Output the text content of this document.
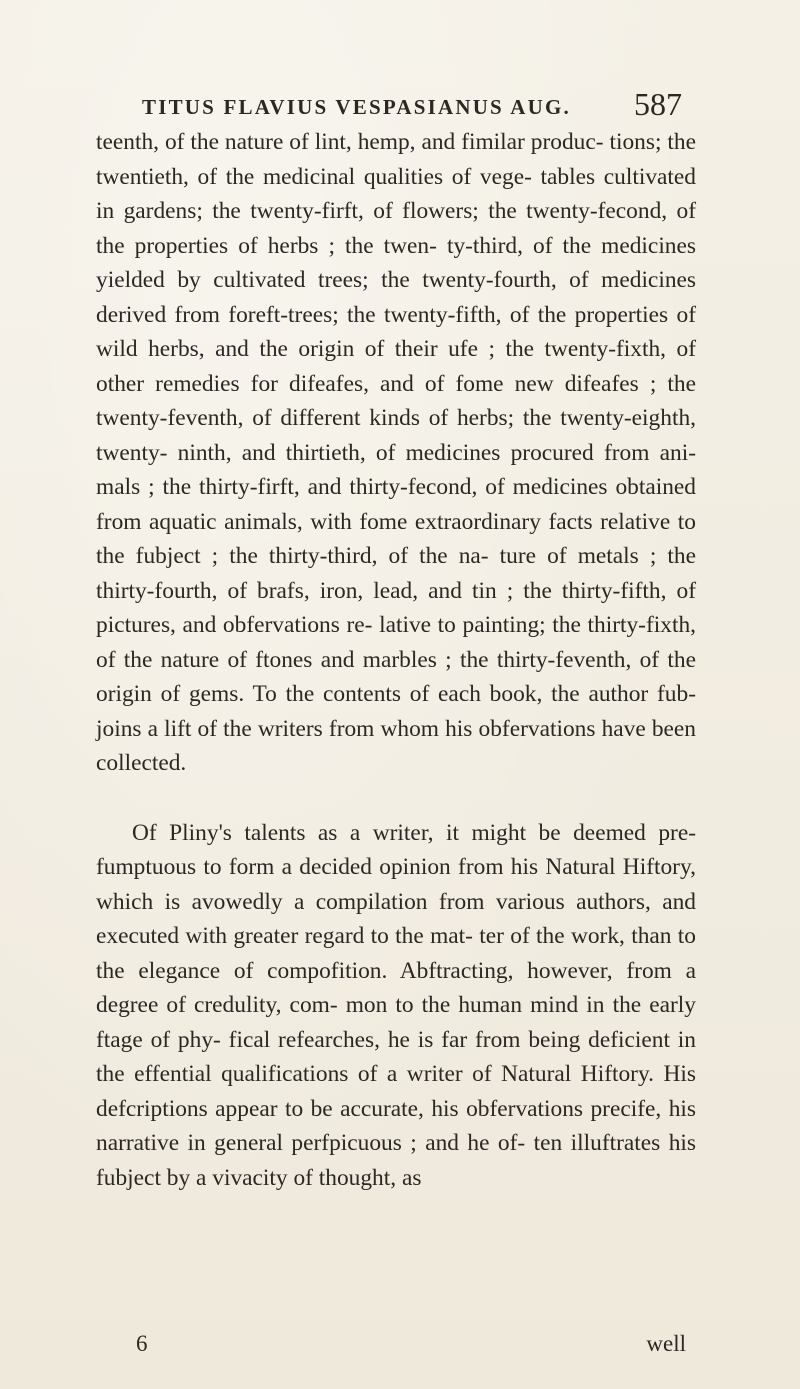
TITUS FLAVIUS VESPASIANUS AUG. 587

teenth, of the nature of lint, hemp, and fimilar produc- tions; the twentieth, of the medicinal qualities of vege- tables cultivated in gardens; the twenty-firft, of flowers; the twenty-fecond, of the properties of herbs ; the twen- ty-third, of the medicines yielded by cultivated trees; the twenty-fourth, of medicines derived from foreft-trees; the twenty-fifth, of the properties of wild herbs, and the origin of their ufe ; the twenty-fixth, of other remedies for difeafes, and of fome new difeafes ; the twenty-feventh, of different kinds of herbs; the twenty-eighth, twenty- ninth, and thirtieth, of medicines procured from ani- mals ; the thirty-firft, and thirty-fecond, of medicines obtained from aquatic animals, with fome extraordinary facts relative to the fubject ; the thirty-third, of the na- ture of metals ; the thirty-fourth, of brafs, iron, lead, and tin ; the thirty-fifth, of pictures, and obfervations re- lative to painting; the thirty-fixth, of the nature of ftones and marbles ; the thirty-feventh, of the origin of gems. To the contents of each book, the author fub- joins a lift of the writers from whom his obfervations have been collected.

Of Pliny's talents as a writer, it might be deemed pre- fumptuous to form a decided opinion from his Natural Hiftory, which is avowedly a compilation from various authors, and executed with greater regard to the mat- ter of the work, than to the elegance of compofition. Abftracting, however, from a degree of credulity, com- mon to the human mind in the early ftage of phy- fical refearches, he is far from being deficient in the effential qualifications of a writer of Natural Hiftory. His defcriptions appear to be accurate, his obfervations precife, his narrative in general perfpicuous ; and he of- ten illuftrates his fubject by a vivacity of thought, as

6	well
